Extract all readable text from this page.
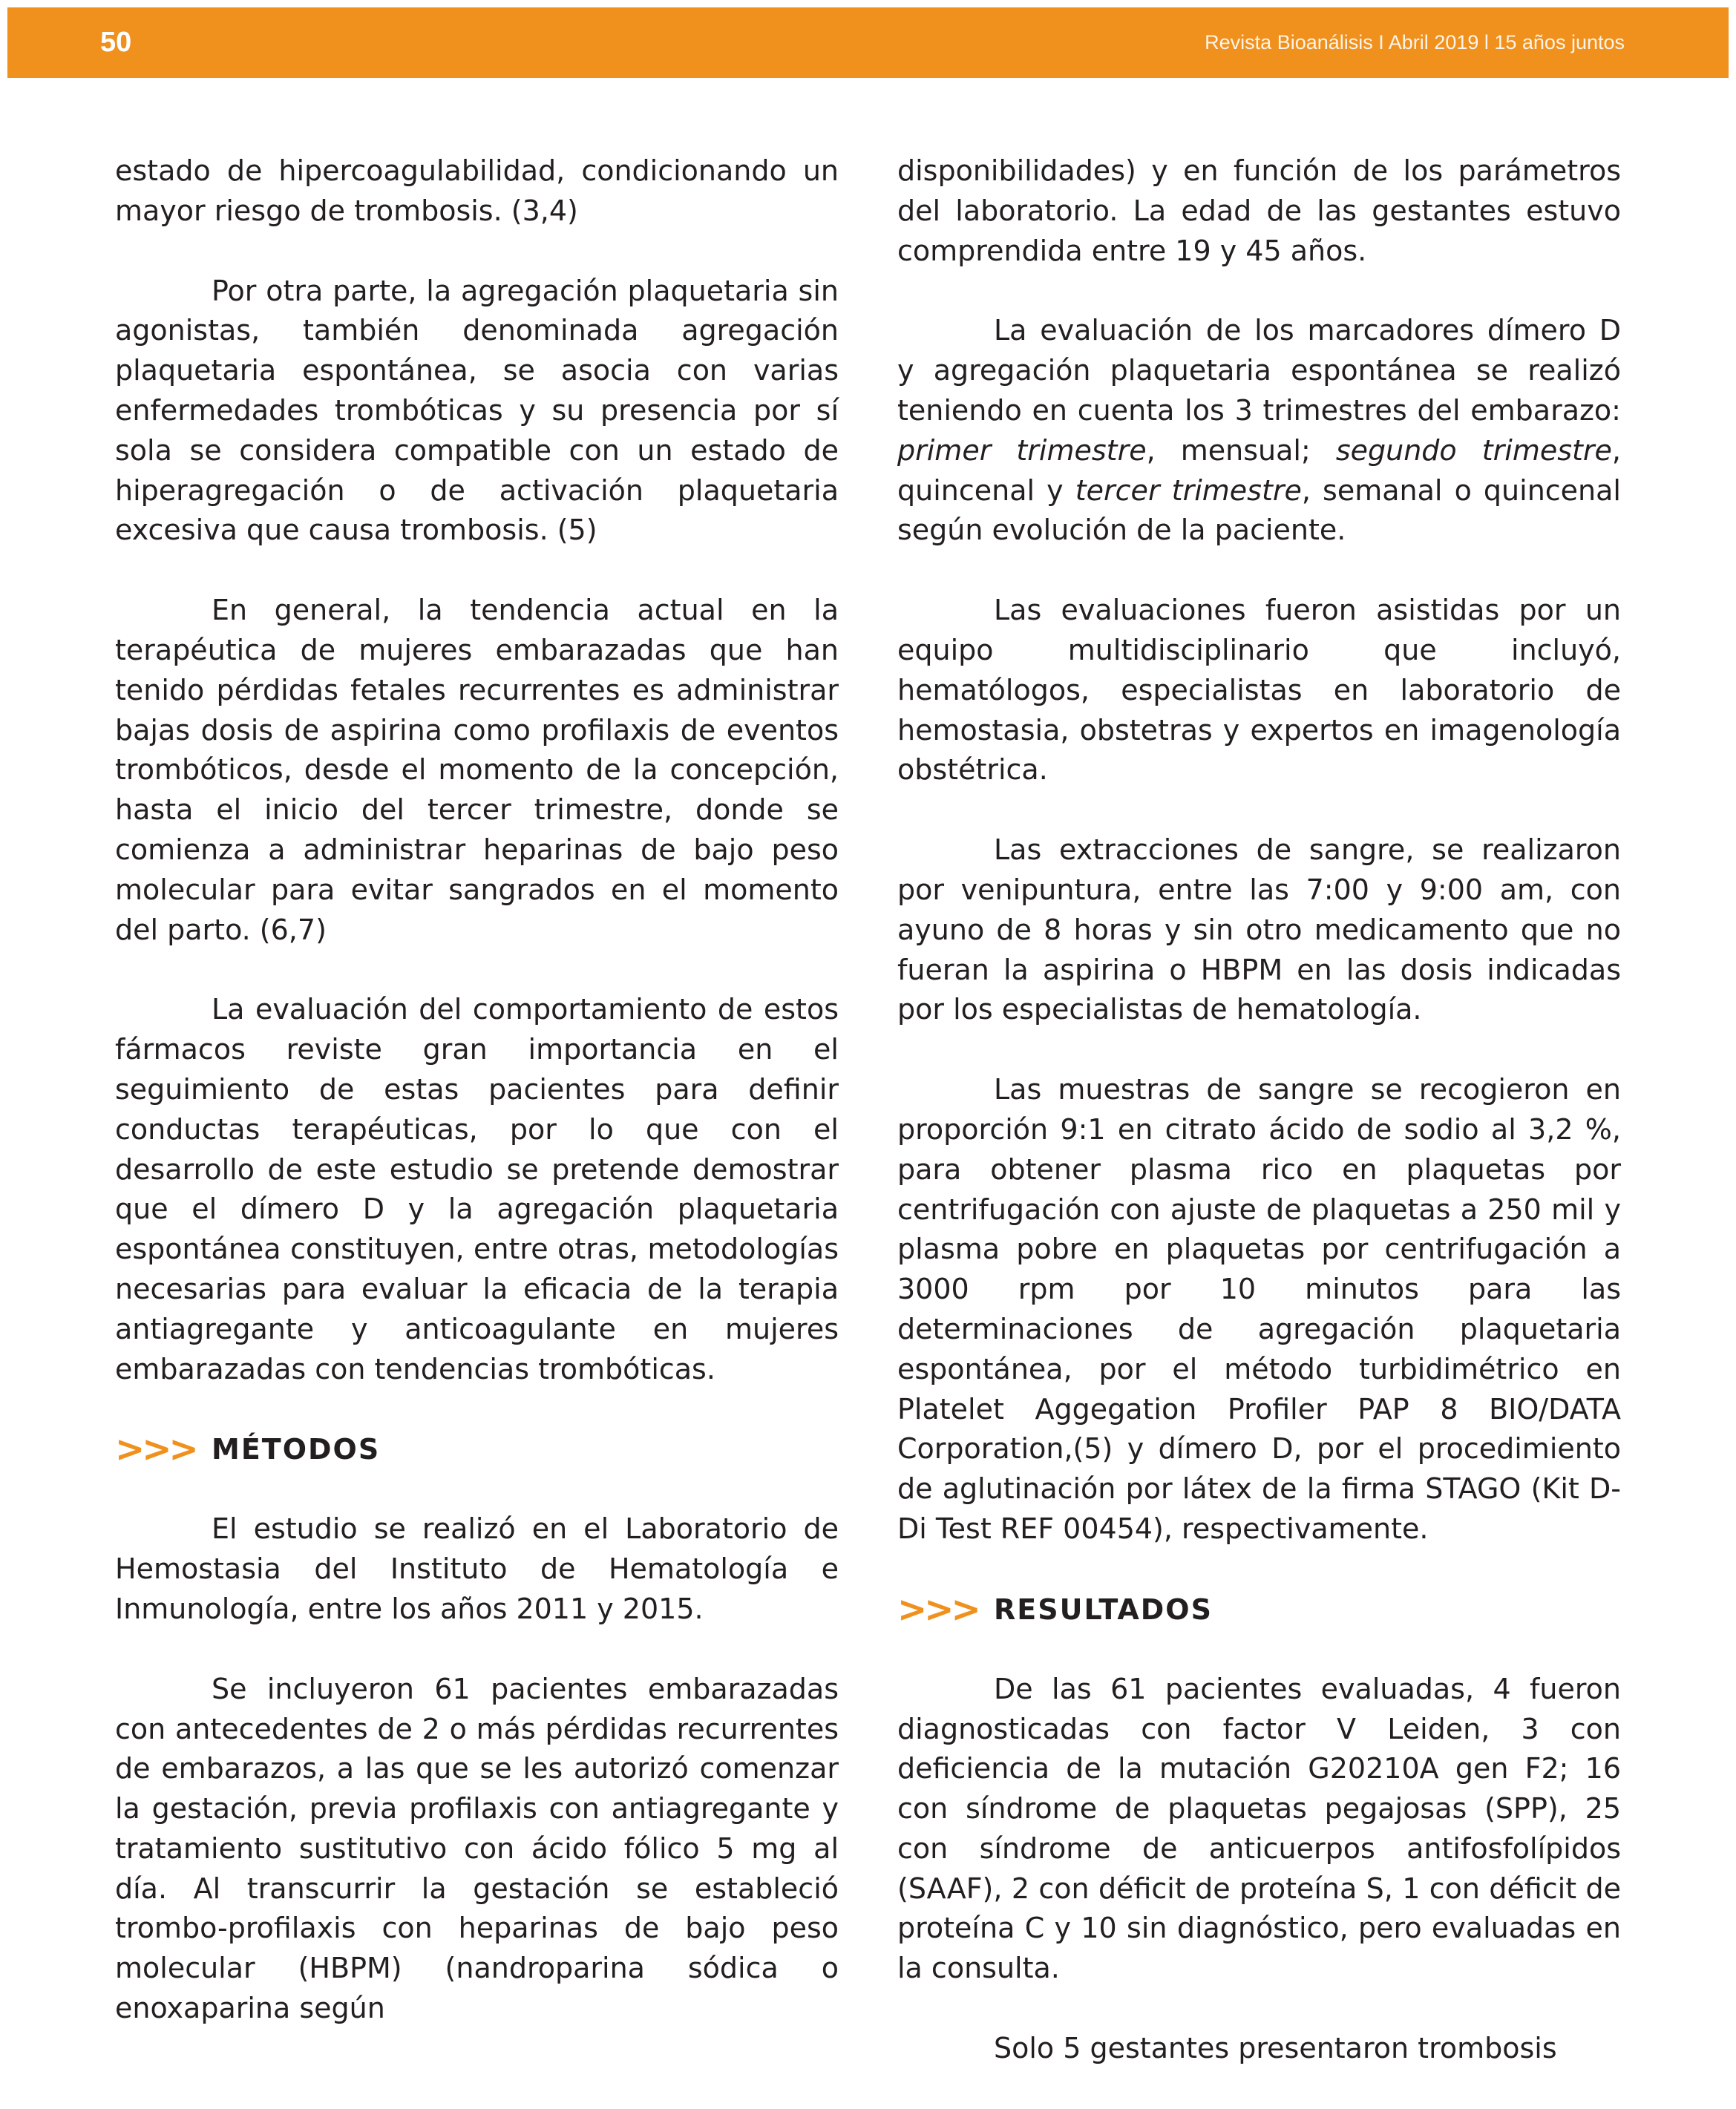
50	Revista Bioanálisis I Abril 2019 l 15 años juntos

estado de hipercoagulabilidad, condicionando un mayor riesgo de trombosis. (3,4)

Por otra parte, la agregación plaquetaria sin agonistas, también denominada agregación plaquetaria espontánea, se asocia con varias enfermedades trombóticas y su presencia por sí sola se considera compatible con un estado de hiperagregación o de activación plaquetaria excesiva que causa trombosis. (5)

En general, la tendencia actual en la terapéutica de mujeres embarazadas que han tenido pérdidas fetales recurrentes es administrar bajas dosis de aspirina como profilaxis de eventos trombóticos, desde el momento de la concepción, hasta el inicio del tercer trimestre, donde se comienza a administrar heparinas de bajo peso molecular para evitar sangrados en el momento del parto. (6,7)

La evaluación del comportamiento de estos fármacos reviste gran importancia en el seguimiento de estas pacientes para definir conductas terapéuticas, por lo que con el desarrollo de este estudio se pretende demostrar que el dímero D y la agregación plaquetaria espontánea constituyen, entre otras, metodologías necesarias para evaluar la eficacia de la terapia antiagregante y anticoagulante en mujeres embarazadas con tendencias trombóticas.

>>> MÉTODOS

El estudio se realizó en el Laboratorio de Hemostasia del Instituto de Hematología e Inmunología, entre los años 2011 y 2015.

Se incluyeron 61 pacientes embarazadas con antecedentes de 2 o más pérdidas recurrentes de embarazos, a las que se les autorizó comenzar la gestación, previa profilaxis con antiagregante y tratamiento sustitutivo con ácido fólico 5 mg al día. Al transcurrir la gestación se estableció trombo-profilaxis con heparinas de bajo peso molecular (HBPM) (nandroparina sódica o enoxaparina según

disponibilidades) y en función de los parámetros del laboratorio. La edad de las gestantes estuvo comprendida entre 19 y 45 años.

La evaluación de los marcadores dímero D y agregación plaquetaria espontánea se realizó teniendo en cuenta los 3 trimestres del embarazo: primer trimestre, mensual; segundo trimestre, quincenal y tercer trimestre, semanal o quincenal según evolución de la paciente.

Las evaluaciones fueron asistidas por un equipo multidisciplinario que incluyó, hematólogos, especialistas en laboratorio de hemostasia, obstetras y expertos en imagenología obstétrica.

Las extracciones de sangre, se realizaron por venipuntura, entre las 7:00 y 9:00 am, con ayuno de 8 horas y sin otro medicamento que no fueran la aspirina o HBPM en las dosis indicadas por los especialistas de hematología.

Las muestras de sangre se recogieron en proporción 9:1 en citrato ácido de sodio al 3,2 %, para obtener plasma rico en plaquetas por centrifugación con ajuste de plaquetas a 250 mil y plasma pobre en plaquetas por centrifugación a 3000 rpm por 10 minutos para las determinaciones de agregación plaquetaria espontánea, por el método turbidimétrico en Platelet Aggegation Profiler PAP 8 BIO/DATA Corporation,(5) y dímero D, por el procedimiento de aglutinación por látex de la firma STAGO (Kit D-Di Test REF 00454), respectivamente.

>>> RESULTADOS

De las 61 pacientes evaluadas, 4 fueron diagnosticadas con factor V Leiden, 3 con deficiencia de la mutación G20210A gen F2; 16 con síndrome de plaquetas pegajosas (SPP), 25 con síndrome de anticuerpos antifosfolípidos (SAAF), 2 con déficit de proteína S, 1 con déficit de proteína C y 10 sin diagnóstico, pero evaluadas en la consulta.

Solo 5 gestantes presentaron trombosis
